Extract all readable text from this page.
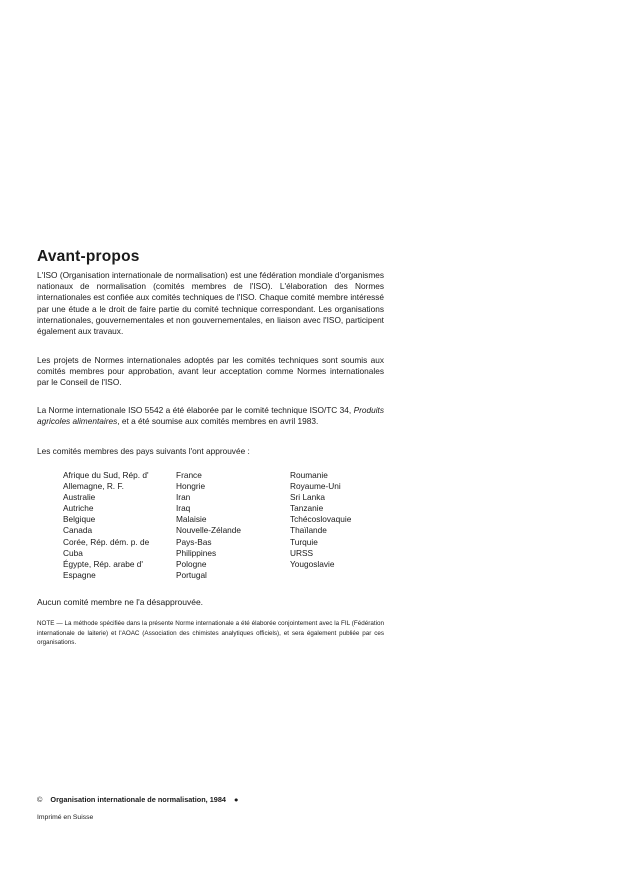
Avant-propos

L'ISO (Organisation internationale de normalisation) est une fédération mondiale d'organismes nationaux de normalisation (comités membres de l'ISO). L'élaboration des Normes internationales est confiée aux comités techniques de l'ISO. Chaque comité membre intéressé par une étude a le droit de faire partie du comité technique correspondant. Les organisations internationales, gouvernementales et non gouvernementales, en liaison avec l'ISO, participent également aux travaux.

Les projets de Normes internationales adoptés par les comités techniques sont soumis aux comités membres pour approbation, avant leur acceptation comme Normes internationales par le Conseil de l'ISO.

La Norme internationale ISO 5542 a été élaborée par le comité technique ISO/TC 34, Produits agricoles alimentaires, et a été soumise aux comités membres en avril 1983.

Les comités membres des pays suivants l'ont approuvée :

Afrique du Sud, Rép. d'
Allemagne, R. F.
Australie
Autriche
Belgique
Canada
Corée, Rép. dém. p. de
Cuba
Égypte, Rép. arabe d'
Espagne
France
Hongrie
Iran
Iraq
Malaisie
Nouvelle-Zélande
Pays-Bas
Philippines
Pologne
Portugal
Roumanie
Royaume-Uni
Sri Lanka
Tanzanie
Tchécoslovaquie
Thaïlande
Turquie
URSS
Yougoslavie

Aucun comité membre ne l'a désapprouvée.

NOTE — La méthode spécifiée dans la présente Norme internationale a été élaborée conjointement avec la FIL (Fédération internationale de laiterie) et l'AOAC (Association des chimistes analytiques officiels), et sera également publiée par ces organisations.

© Organisation internationale de normalisation, 1984 ●
Imprimé en Suisse
